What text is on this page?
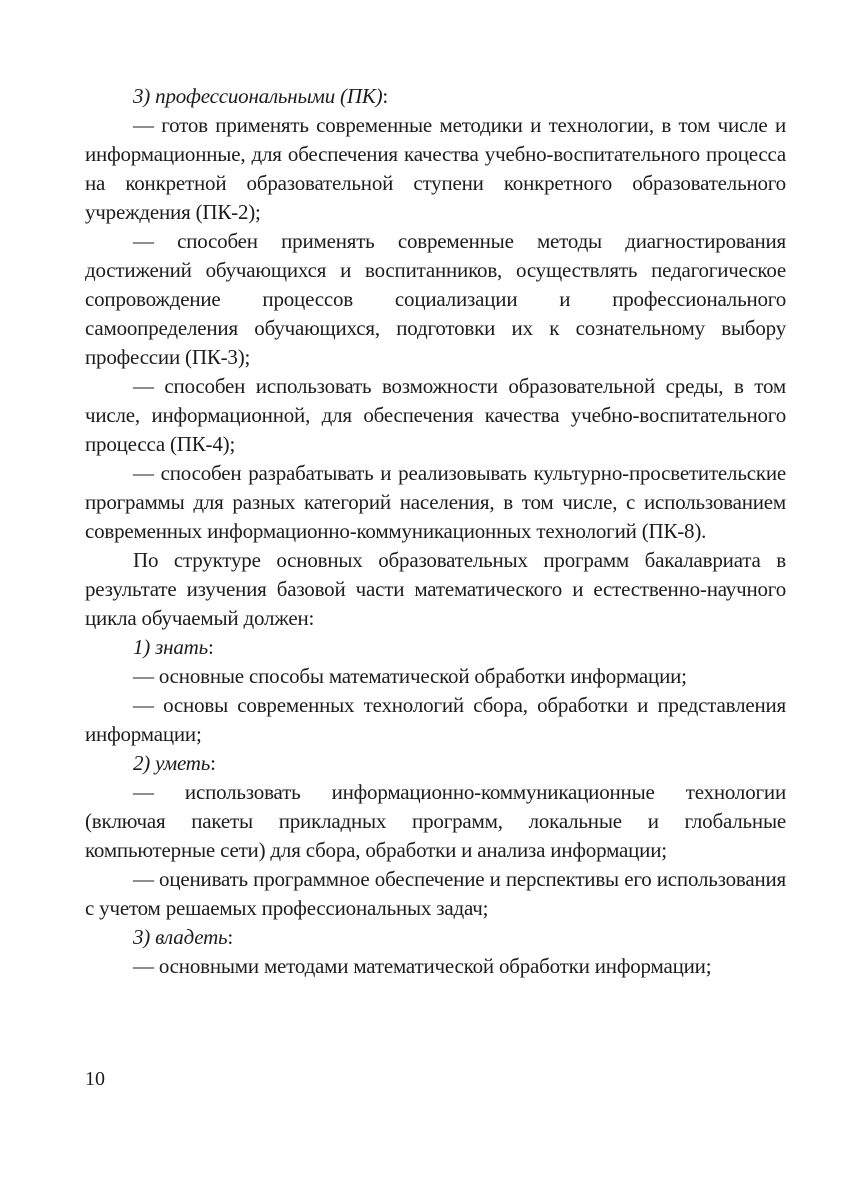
3) профессиональными (ПК):

— готов применять современные методики и технологии, в том числе и информационные, для обеспечения качества учебно-воспитательного процесса на конкретной образовательной ступени конкретного образовательного учреждения (ПК-2);

— способен применять современные методы диагностирования достижений обучающихся и воспитанников, осуществлять педагогическое сопровождение процессов социализации и профессионального самоопределения обучающихся, подготовки их к сознательному выбору профессии (ПК-3);

— способен использовать возможности образовательной среды, в том числе, информационной, для обеспечения качества учебно-воспитательного процесса (ПК-4);

— способен разрабатывать и реализовывать культурно-просветительские программы для разных категорий населения, в том числе, с использованием современных информационно-коммуникационных технологий (ПК-8).

По структуре основных образовательных программ бакалавриата в результате изучения базовой части математического и естественно-научного цикла обучаемый должен:

1) знать:

— основные способы математической обработки информации;

— основы современных технологий сбора, обработки и представления информации;

2) уметь:

— использовать информационно-коммуникационные технологии (включая пакеты прикладных программ, локальные и глобальные компьютерные сети) для сбора, обработки и анализа информации;

— оценивать программное обеспечение и перспективы его использования с учетом решаемых профессиональных задач;

3) владеть:

— основными методами математической обработки информации;

10
